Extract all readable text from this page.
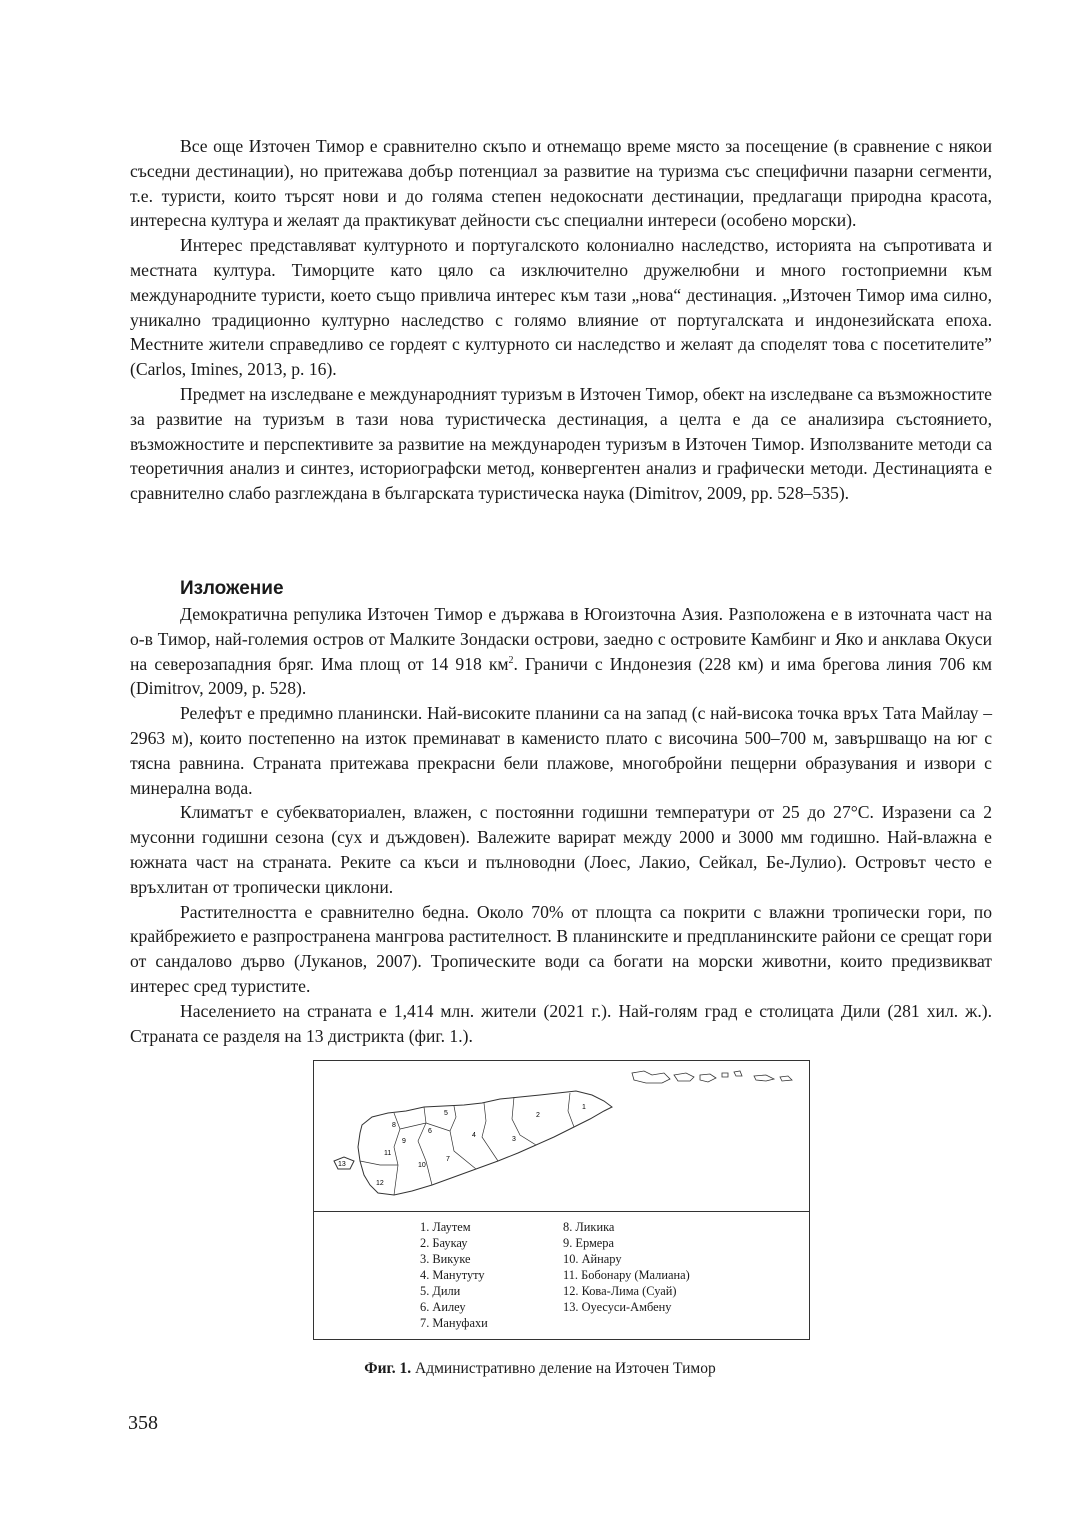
Все още Източен Тимор е сравнително скъпо и отнемащо време място за посещение (в сравнение с някои съседни дестинации), но притежава добър потенциал за развитие на туризма със специфични пазарни сегменти, т.е. туристи, които търсят нови и до голяма степен недокоснати дестинации, предлагащи природна красота, интересна култура и желаят да практикуват дейности със специални интереси (особено морски).

Интерес представляват културното и португалското колониално наследство, историята на съпротивата и местната култура. Тиморците като цяло са изключително дружелюбни и много гостоприемни към международните туристи, което също привлича интерес към тази „нова“ дестинация. „Източен Тимор има силно, уникално традиционно културно наследство с голямо влияние от португалската и индонезийската епоха. Местните жители справедливо се гордеят с културното си наследство и желаят да споделят това с посетителите” (Carlos, Imines, 2013, p. 16).

Предмет на изследване е международният туризъм в Източен Тимор, обект на изследване са възможностите за развитие на туризъм в тази нова туристическа дестинация, а целта е да се анализира състоянието, възможностите и перспективите за развитие на международен туризъм в Източен Тимор. Използваните методи са теоретичния анализ и синтез, историографски метод, конвергентен анализ и графически методи. Дестинацията е сравнително слабо разглеждана в българската туристическа наука (Dimitrov, 2009, pp. 528–535).

Изложение

Демократична репулика Източен Тимор е държава в Югоизточна Азия. Разположена е в източната част на о-в Тимор, най-големия остров от Малките Зондаски острови, заедно с островите Камбинг и Яко и анклава Окуси на северозападния бряг. Има площ от 14 918 $км^2$. Граничи с Индонезия (228 км) и има брегова линия 706 км (Dimitrov, 2009, p. 528).

Релефът е предимно планински. Най-високите планини са на запад (с най-висока точка връх Тата Майлау – 2963 м), които постепенно на изток преминават в каменисто плато с височина 500–700 м, завършващо на юг с тясна равнина. Страната притежава прекрасни бели плажове, многобройни пещерни образувания и извори с минерална вода.

Климатът е субекваториален, влажен, с постоянни годишни температури от 25 до 27°C. Изразени са 2 мусонни годишни сезона (сух и дъждовен). Валежите варират между 2000 и 3000 мм годишно. Най-влажна е южната част на страната. Реките са къси и пълноводни (Лоес, Лакио, Сейкал, Бе-Лулио). Островът често е връхлитан от тропически циклони.

Растителността е сравнително бедна. Около 70% от площта са покрити с влажни тропически гори, по крайбрежието е разпространена мангрова растителност. В планинските и предпланинските райони се срещат гори от сандалово дърво (Луканов, 2007). Тропическите води са богати на морски животни, които предизвикват интерес сред туристите.

Населението на страната е 1,414 млн. жители (2021 г.). Най-голям град е столицата Дили (281 хил. ж.). Страната се разделя на 13 дистрикта (фиг. 1.).

1
2
3
4
5
6
7
8
9
10
11
12
13
1. Лаутем
2. Баукау
3. Викуке
4. Манутуту
5. Дили
6. Аилеу
7. Мануфахи
8. Ликика
9. Ермера
10. Айнару
11. Бобонару (Малиана)
12. Кова-Лима (Суай)
13. Оуесуси-Амбену
Фиг. 1. Административно деление на Източен Тимор
358
